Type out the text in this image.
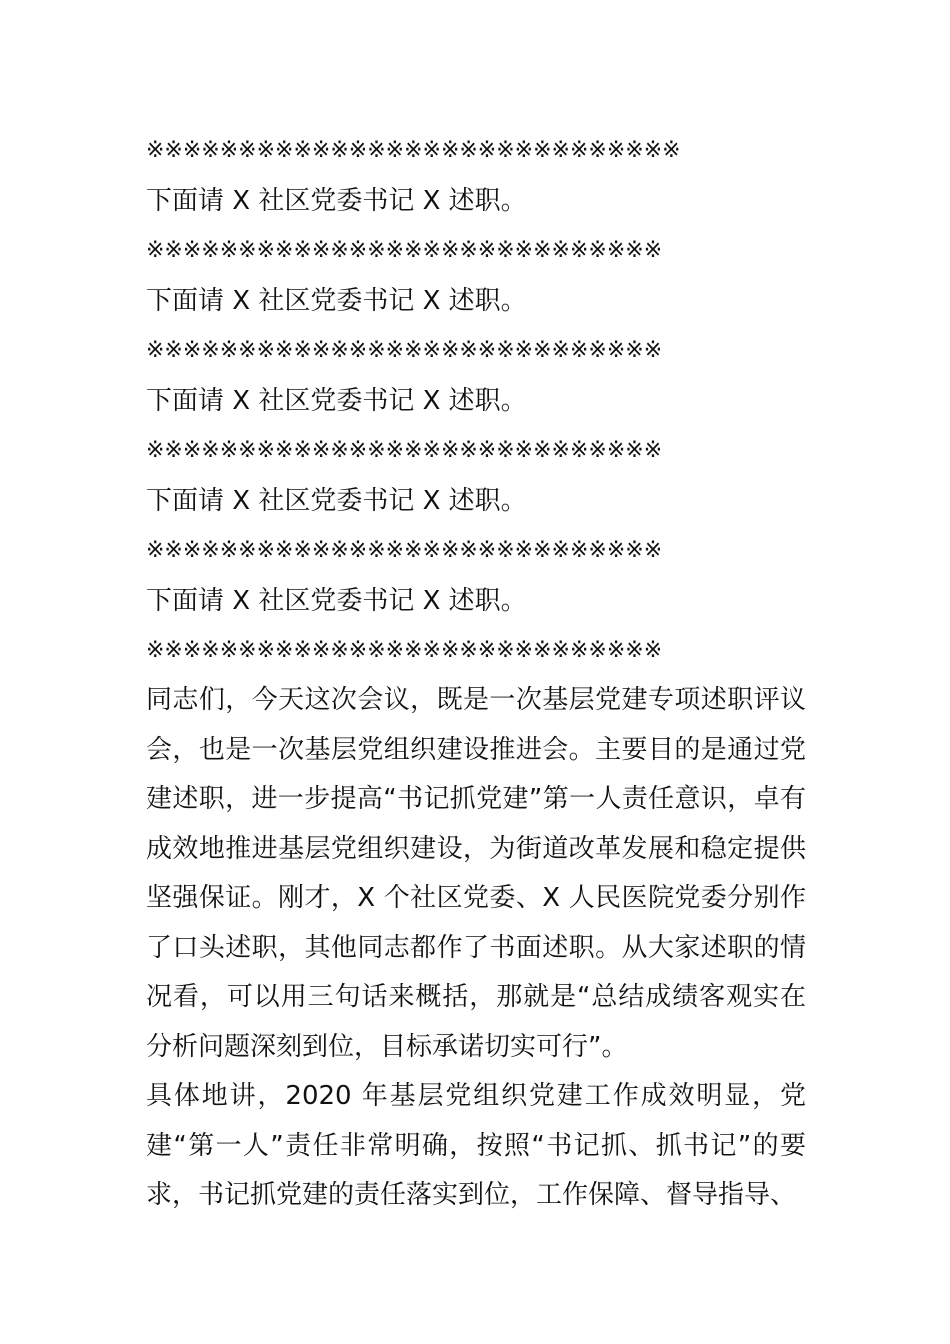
※※※※※※※※※※※※※※※※※※※※※※※※※※※※※
下面请 X 社区党委书记 X 述职。
※※※※※※※※※※※※※※※※※※※※※※※※※※※※
下面请 X 社区党委书记 X 述职。
※※※※※※※※※※※※※※※※※※※※※※※※※※※※
下面请 X 社区党委书记 X 述职。
※※※※※※※※※※※※※※※※※※※※※※※※※※※※
下面请 X 社区党委书记 X 述职。
※※※※※※※※※※※※※※※※※※※※※※※※※※※※
下面请 X 社区党委书记 X 述职。
※※※※※※※※※※※※※※※※※※※※※※※※※※※※

同志们，今天这次会议，既是一次基层党建专项述职评议会，也是一次基层党组织建设推进会。主要目的是通过党建述职，进一步提高“书记抓党建”第一人责任意识，卓有成效地推进基层党组织建设，为街道改革发展和稳定提供坚强保证。刚才，X 个社区党委、X 人民医院党委分别作了口头述职，其他同志都作了书面述职。从大家述职的情况看，可以用三句话来概括，那就是“总结成绩客观实在分析问题深刻到位，目标承诺切实可行”。

具体地讲，2020 年基层党组织党建工作成效明显，党建“第一人”责任非常明确，按照“书记抓、抓书记”的要求，书记抓党建的责任落实到位，工作保障、督导指导、
